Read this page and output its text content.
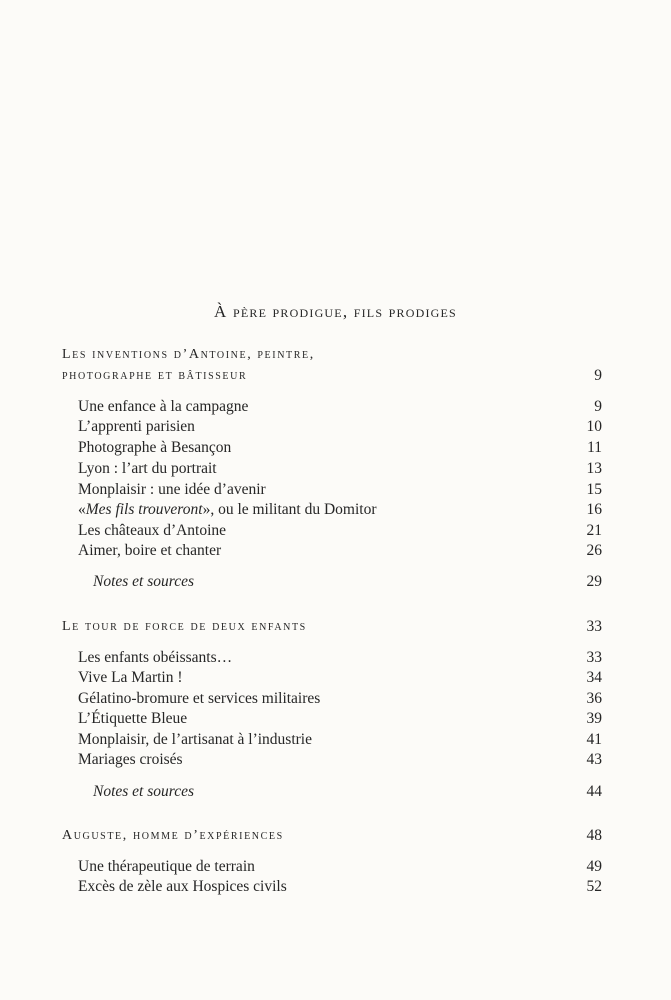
À père prodigue, fils prodiges
Les inventions d’Antoine, peintre,
photographe et bâtisseur	9
Une enfance à la campagne	9
L’apprenti parisien	10
Photographe à Besançon	11
Lyon : l’art du portrait	13
Monplaisir : une idée d’avenir	15
«Mes fils trouveront», ou le militant du Domitor	16
Les châteaux d’Antoine	21
Aimer, boire et chanter	26
Notes et sources	29
Le tour de force de deux enfants	33
Les enfants obéissants…	33
Vive La Martin !	34
Gélatino-bromure et services militaires	36
L’Étiquette Bleue	39
Monplaisir, de l’artisanat à l’industrie	41
Mariages croisés	43
Notes et sources	44
Auguste, homme d’expériences	48
Une thérapeutique de terrain	49
Excès de zèle aux Hospices civils	52
